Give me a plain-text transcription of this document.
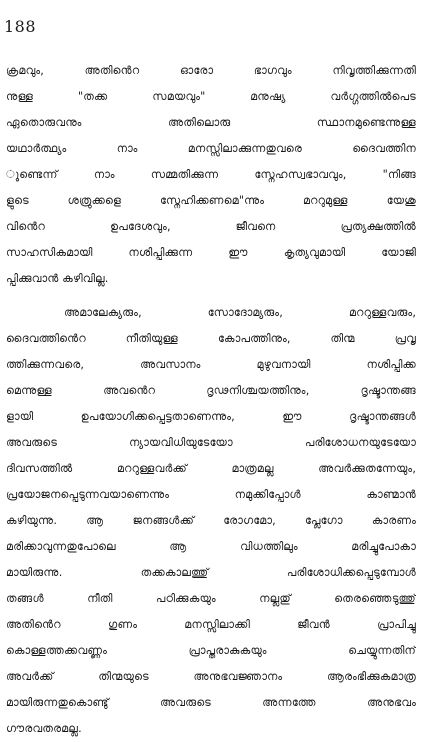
188
ക്രമവും, അതിൻെറ ഓരോ ഭാഗവും നിവൃത്തിക്കുന്നതി
നുള്ള "തക്ക സമയവും" മനുഷ്യ വർഗ്ഗത്തിൽപെട
ഏതൊരുവനും അതിലൊരു സ്ഥാനമുണ്ടെന്നുള്ള
യഥാർത്ഥ്യം നാം മനസ്സിലാക്കുന്നതുവരെ ദൈവത്തിന
ുണ്ടെന്ന് നാം സമ്മതിക്കുന്ന സ്നേഹസ്വഭാവവും, "നിങ്ങ
ളുടെ ശത്രുക്കളെ സ്നേഹിക്കണമെ"ന്നും മററുമുള്ള യേശു
വിൻെറ ഉപദേശവും, ജീവനെ പ്രത്യക്ഷത്തിൽ
സാഹസികമായി നശിപ്പിക്കുന്ന ഈ കൃത്യവുമായി യോജി
പ്പിക്കുവാൻ കഴിവില്ല.
അമാലേക്യരും, സോദോമ്യരും, മററുള്ളവരും,
ദൈവത്തിൻെറ നീതിയുള്ള കോപത്തിനും, തിന്മ പ്രവൃ
ത്തിക്കുന്നവരെ, അവസാനം മുഴുവനായി നശിപ്പിക്ക
മെന്നുള്ള അവൻെറ ദൃഢനിശ്ചയത്തിനും, ദൃഷ്ടാന്തങ്ങ
ളായി ഉപയോഗിക്കപ്പെട്ടതാണെന്നും, ഈ ദൃഷ്ടാന്തങ്ങൾ
അവരുടെ ന്യായവിധിയുടേയോ പരിശോധനയുടേയോ
ദിവസത്തിൽ മററുള്ളവർക്ക് മാത്രമല്ല അവർക്കുതന്നേയും,
പ്രയോജനപ്പെടുന്നവയാണെന്നും നമുക്കിപ്പോൾ കാണ്മാൻ
കഴിയുന്നു. ആ ജനങ്ങൾക്ക് രോഗമോ, പ്ലേഗോ കാരണം
മരിക്കാവുന്നതുപോലെ ആ വിധത്തിലും മരിച്ചുപോകാ
മായിരുന്നു. തക്കകാലത്തു് പരിശോധിക്കപ്പെടുമ്പോൾ
തങ്ങൾ നീതി പഠിക്കുകയും നല്ലതു് തെരഞ്ഞെടുത്തു്
അതിൻെറ ഗുണം മനസ്സിലാക്കി ജീവൻ പ്രാപിച്ചു
കൊള്ളത്തക്കവണ്ണം പ്രാപ്തരാകുകയും ചെയ്യുന്നതിന്
അവർക്ക് തിന്മയുടെ അനുഭവജ്ഞാനം ആരംഭിക്കുകമാത്ര
മായിരുന്നതുകൊണ്ടു് അവരുടെ അന്നത്തേ അനുഭവം
ഗൗരവതരമല്ല.
